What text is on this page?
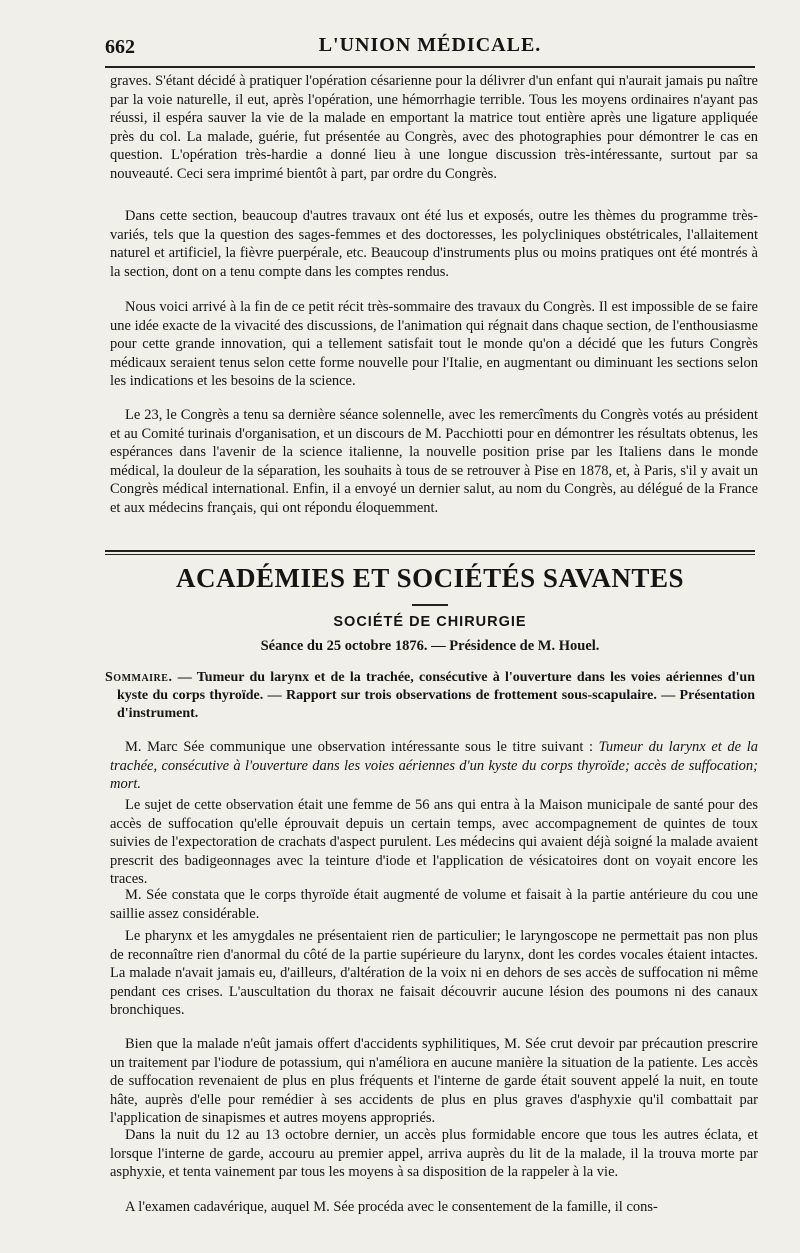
662	L'UNION MÉDICALE.

graves. S'étant décidé à pratiquer l'opération césarienne pour la délivrer d'un enfant qui n'aurait jamais pu naître par la voie naturelle, il eut, après l'opération, une hémorrhagie terrible. Tous les moyens ordinaires n'ayant pas réussi, il espéra sauver la vie de la malade en emportant la matrice tout entière après une ligature appliquée près du col. La malade, guérie, fut présentée au Congrès, avec des photographies pour démontrer le cas en question. L'opération très-hardie a donné lieu à une longue discussion très-intéressante, surtout par sa nouveauté. Ceci sera imprimé bientôt à part, par ordre du Congrès.

Dans cette section, beaucoup d'autres travaux ont été lus et exposés, outre les thèmes du programme très-variés, tels que la question des sages-femmes et des doctoresses, les polycliniques obstétricales, l'allaitement naturel et artificiel, la fièvre puerpérale, etc. Beaucoup d'instruments plus ou moins pratiques ont été montrés à la section, dont on a tenu compte dans les comptes rendus.

Nous voici arrivé à la fin de ce petit récit très-sommaire des travaux du Congrès. Il est impossible de se faire une idée exacte de la vivacité des discussions, de l'animation qui régnait dans chaque section, de l'enthousiasme pour cette grande innovation, qui a tellement satisfait tout le monde qu'on a décidé que les futurs Congrès médicaux seraient tenus selon cette forme nouvelle pour l'Italie, en augmentant ou diminuant les sections selon les indications et les besoins de la science.

Le 23, le Congrès a tenu sa dernière séance solennelle, avec les remercîments du Congrès votés au président et au Comité turinais d'organisation, et un discours de M. Pacchiotti pour en démontrer les résultats obtenus, les espérances dans l'avenir de la science italienne, la nouvelle position prise par les Italiens dans le monde médical, la douleur de la séparation, les souhaits à tous de se retrouver à Pise en 1878, et, à Paris, s'il y avait un Congrès médical international. Enfin, il a envoyé un dernier salut, au nom du Congrès, au délégué de la France et aux médecins français, qui ont répondu éloquemment.

ACADÉMIES ET SOCIÉTÉS SAVANTES
SOCIÉTÉ DE CHIRURGIE
Séance du 25 octobre 1876. — Présidence de M. Houel.
Sommaire. — Tumeur du larynx et de la trachée, consécutive à l'ouverture dans les voies aériennes d'un kyste du corps thyroïde. — Rapport sur trois observations de frottement sous-scapulaire. — Présentation d'instrument.

M. Marc Sée communique une observation intéressante sous le titre suivant : Tumeur du larynx et de la trachée, consécutive à l'ouverture dans les voies aériennes d'un kyste du corps thyroïde; accès de suffocation; mort.

Le sujet de cette observation était une femme de 56 ans qui entra à la Maison municipale de santé pour des accès de suffocation qu'elle éprouvait depuis un certain temps, avec accompagnement de quintes de toux suivies de l'expectoration de crachats d'aspect purulent. Les médecins qui avaient déjà soigné la malade avaient prescrit des badigeonnages avec la teinture d'iode et l'application de vésicatoires dont on voyait encore les traces.

M. Sée constata que le corps thyroïde était augmenté de volume et faisait à la partie antérieure du cou une saillie assez considérable.

Le pharynx et les amygdales ne présentaient rien de particulier; le laryngoscope ne permettait pas non plus de reconnaître rien d'anormal du côté de la partie supérieure du larynx, dont les cordes vocales étaient intactes. La malade n'avait jamais eu, d'ailleurs, d'altération de la voix ni en dehors de ses accès de suffocation ni même pendant ces crises. L'auscultation du thorax ne faisait découvrir aucune lésion des poumons ni des canaux bronchiques.

Bien que la malade n'eût jamais offert d'accidents syphilitiques, M. Sée crut devoir par précaution prescrire un traitement par l'iodure de potassium, qui n'améliora en aucune manière la situation de la patiente. Les accès de suffocation revenaient de plus en plus fréquents et l'interne de garde était souvent appelé la nuit, en toute hâte, auprès d'elle pour remédier à ses accidents de plus en plus graves d'asphyxie qu'il combattait par l'application de sinapismes et autres moyens appropriés.

Dans la nuit du 12 au 13 octobre dernier, un accès plus formidable encore que tous les autres éclata, et lorsque l'interne de garde, accouru au premier appel, arriva auprès du lit de la malade, il la trouva morte par asphyxie, et tenta vainement par tous les moyens à sa disposition de la rappeler à la vie.

A l'examen cadavérique, auquel M. Sée procéda avec le consentement de la famille, il cons-
